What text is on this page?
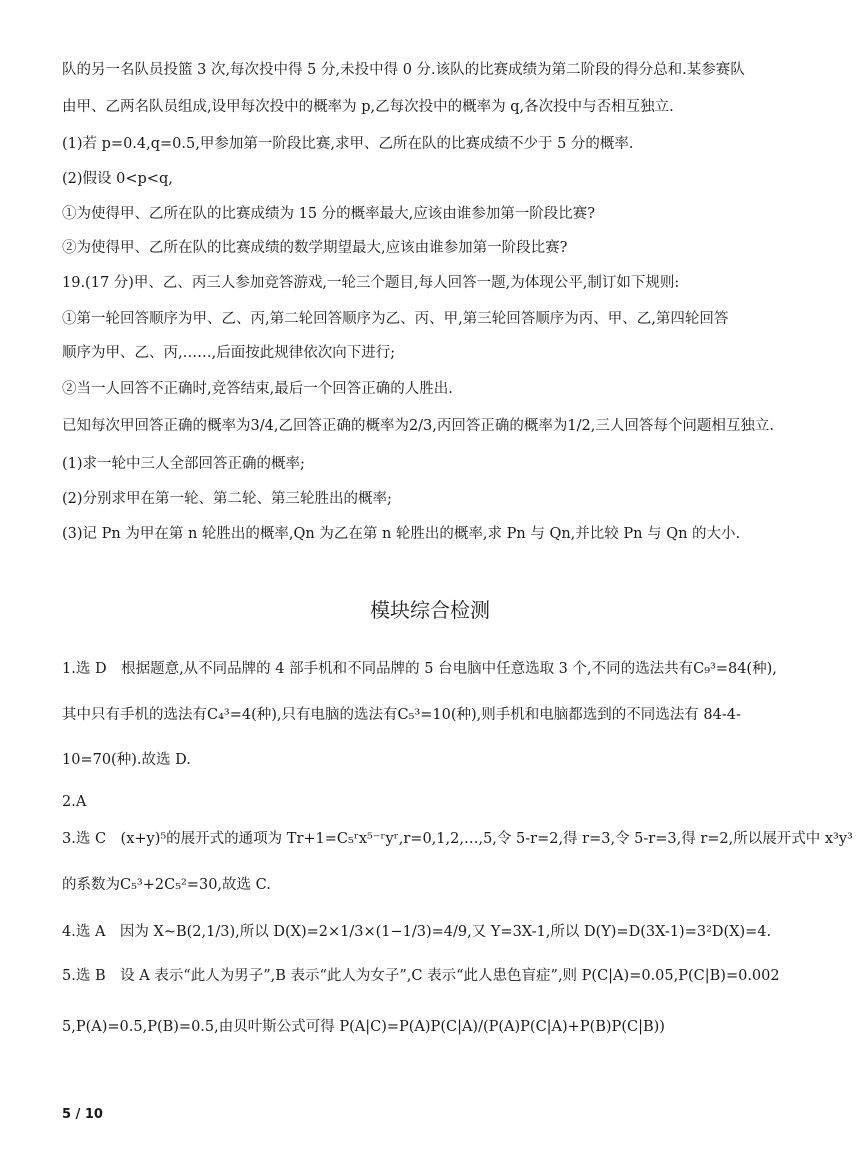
队的另一名队员投篮 3 次,每次投中得 5 分,未投中得 0 分.该队的比赛成绩为第二阶段的得分总和.某参赛队
由甲、乙两名队员组成,设甲每次投中的概率为 p,乙每次投中的概率为 q,各次投中与否相互独立.
(1)若 p=0.4,q=0.5,甲参加第一阶段比赛,求甲、乙所在队的比赛成绩不少于 5 分的概率.
(2)假设 0<p<q,
①为使得甲、乙所在队的比赛成绩为 15 分的概率最大,应该由谁参加第一阶段比赛?
②为使得甲、乙所在队的比赛成绩的数学期望最大,应该由谁参加第一阶段比赛?
19.(17 分)甲、乙、丙三人参加竞答游戏,一轮三个题目,每人回答一题,为体现公平,制订如下规则:
①第一轮回答顺序为甲、乙、丙,第二轮回答顺序为乙、丙、甲,第三轮回答顺序为丙、甲、乙,第四轮回答
顺序为甲、乙、丙,……,后面按此规律依次向下进行;
②当一人回答不正确时,竞答结束,最后一个回答正确的人胜出.
已知每次甲回答正确的概率为3/4,乙回答正确的概率为2/3,丙回答正确的概率为1/2,三人回答每个问题相互独立.
(1)求一轮中三人全部回答正确的概率;
(2)分别求甲在第一轮、第二轮、第三轮胜出的概率;
(3)记 Pn 为甲在第 n 轮胜出的概率,Qn 为乙在第 n 轮胜出的概率,求 Pn 与 Qn,并比较 Pn 与 Qn 的大小.
模块综合检测
1.选 D　根据题意,从不同品牌的 4 部手机和不同品牌的 5 台电脑中任意选取 3 个,不同的选法共有C₉³=84(种),
其中只有手机的选法有C₄³=4(种),只有电脑的选法有C₅³=10(种),则手机和电脑都选到的不同选法有 84-4-
10=70(种).故选 D.
2.A
3.选 C　(x+y)⁵的展开式的通项为 Tr+1=C₅ʳx⁵⁻ʳyʳ,r=0,1,2,…,5,令 5-r=2,得 r=3,令 5-r=3,得 r=2,所以展开式中 x³y³
的系数为C₅³+2C₅²=30,故选 C.
4.选 A　因为 X~B(2,1/3),所以 D(X)=2×1/3×(1−1/3)=4/9,又 Y=3X-1,所以 D(Y)=D(3X-1)=3²D(X)=4.
5.选 B　设 A 表示“此人为男子”,B 表示“此人为女子”,C 表示“此人患色盲症”,则 P(C|A)=0.05,P(C|B)=0.002
5,P(A)=0.5,P(B)=0.5,由贝叶斯公式可得 P(A|C)=P(A)P(C|A)/(P(A)P(C|A)+P(B)P(C|B))
5 / 10
